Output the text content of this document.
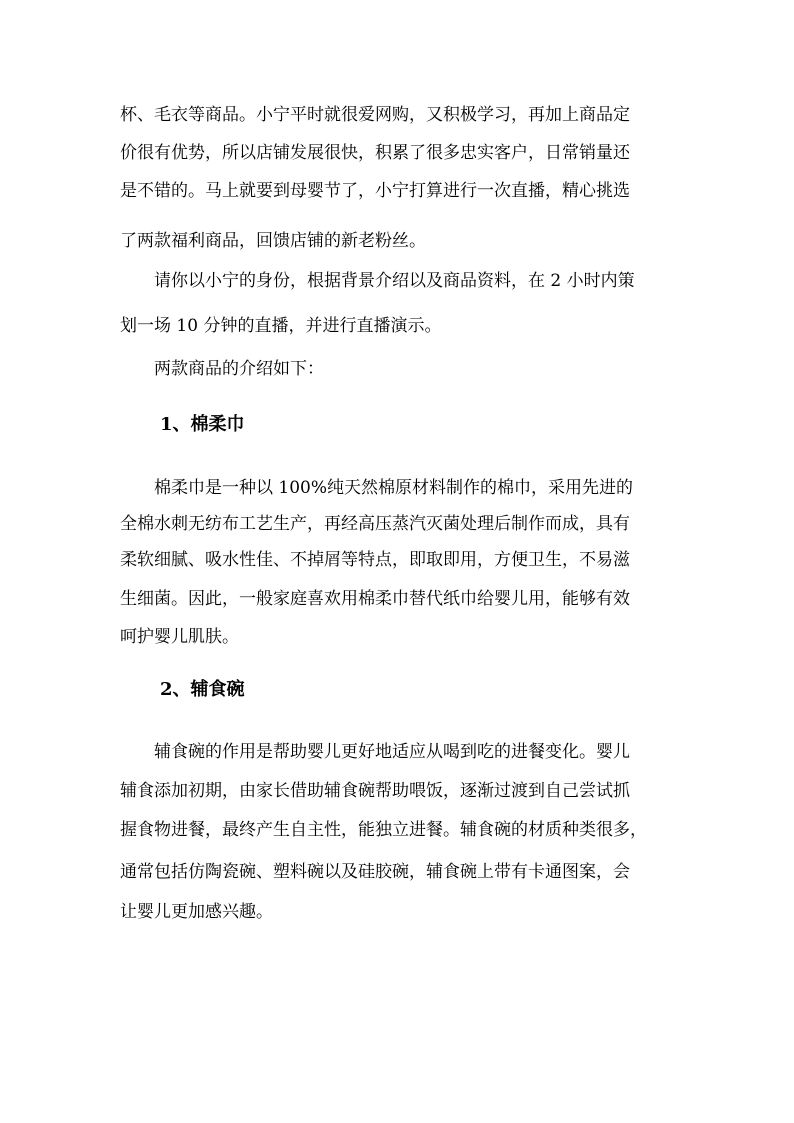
杯、毛衣等商品。小宁平时就很爱网购，又积极学习，再加上商品定
价很有优势，所以店铺发展很快，积累了很多忠实客户，日常销量还
是不错的。马上就要到母婴节了，小宁打算进行一次直播，精心挑选
了两款福利商品，回馈店铺的新老粉丝。
请你以小宁的身份，根据背景介绍以及商品资料，在 2 小时内策
划一场 10 分钟的直播，并进行直播演示。
两款商品的介绍如下：
1、棉柔巾
棉柔巾是一种以 100%纯天然棉原材料制作的棉巾，采用先进的
全棉水刺无纺布工艺生产，再经高压蒸汽灭菌处理后制作而成，具有
柔软细腻、吸水性佳、不掉屑等特点，即取即用，方便卫生，不易滋
生细菌。因此，一般家庭喜欢用棉柔巾替代纸巾给婴儿用，能够有效
呵护婴儿肌肤。
2、辅食碗
辅食碗的作用是帮助婴儿更好地适应从喝到吃的进餐变化。婴儿
辅食添加初期，由家长借助辅食碗帮助喂饭，逐渐过渡到自己尝试抓
握食物进餐，最终产生自主性，能独立进餐。辅食碗的材质种类很多，
通常包括仿陶瓷碗、塑料碗以及硅胶碗，辅食碗上带有卡通图案，会
让婴儿更加感兴趣。
